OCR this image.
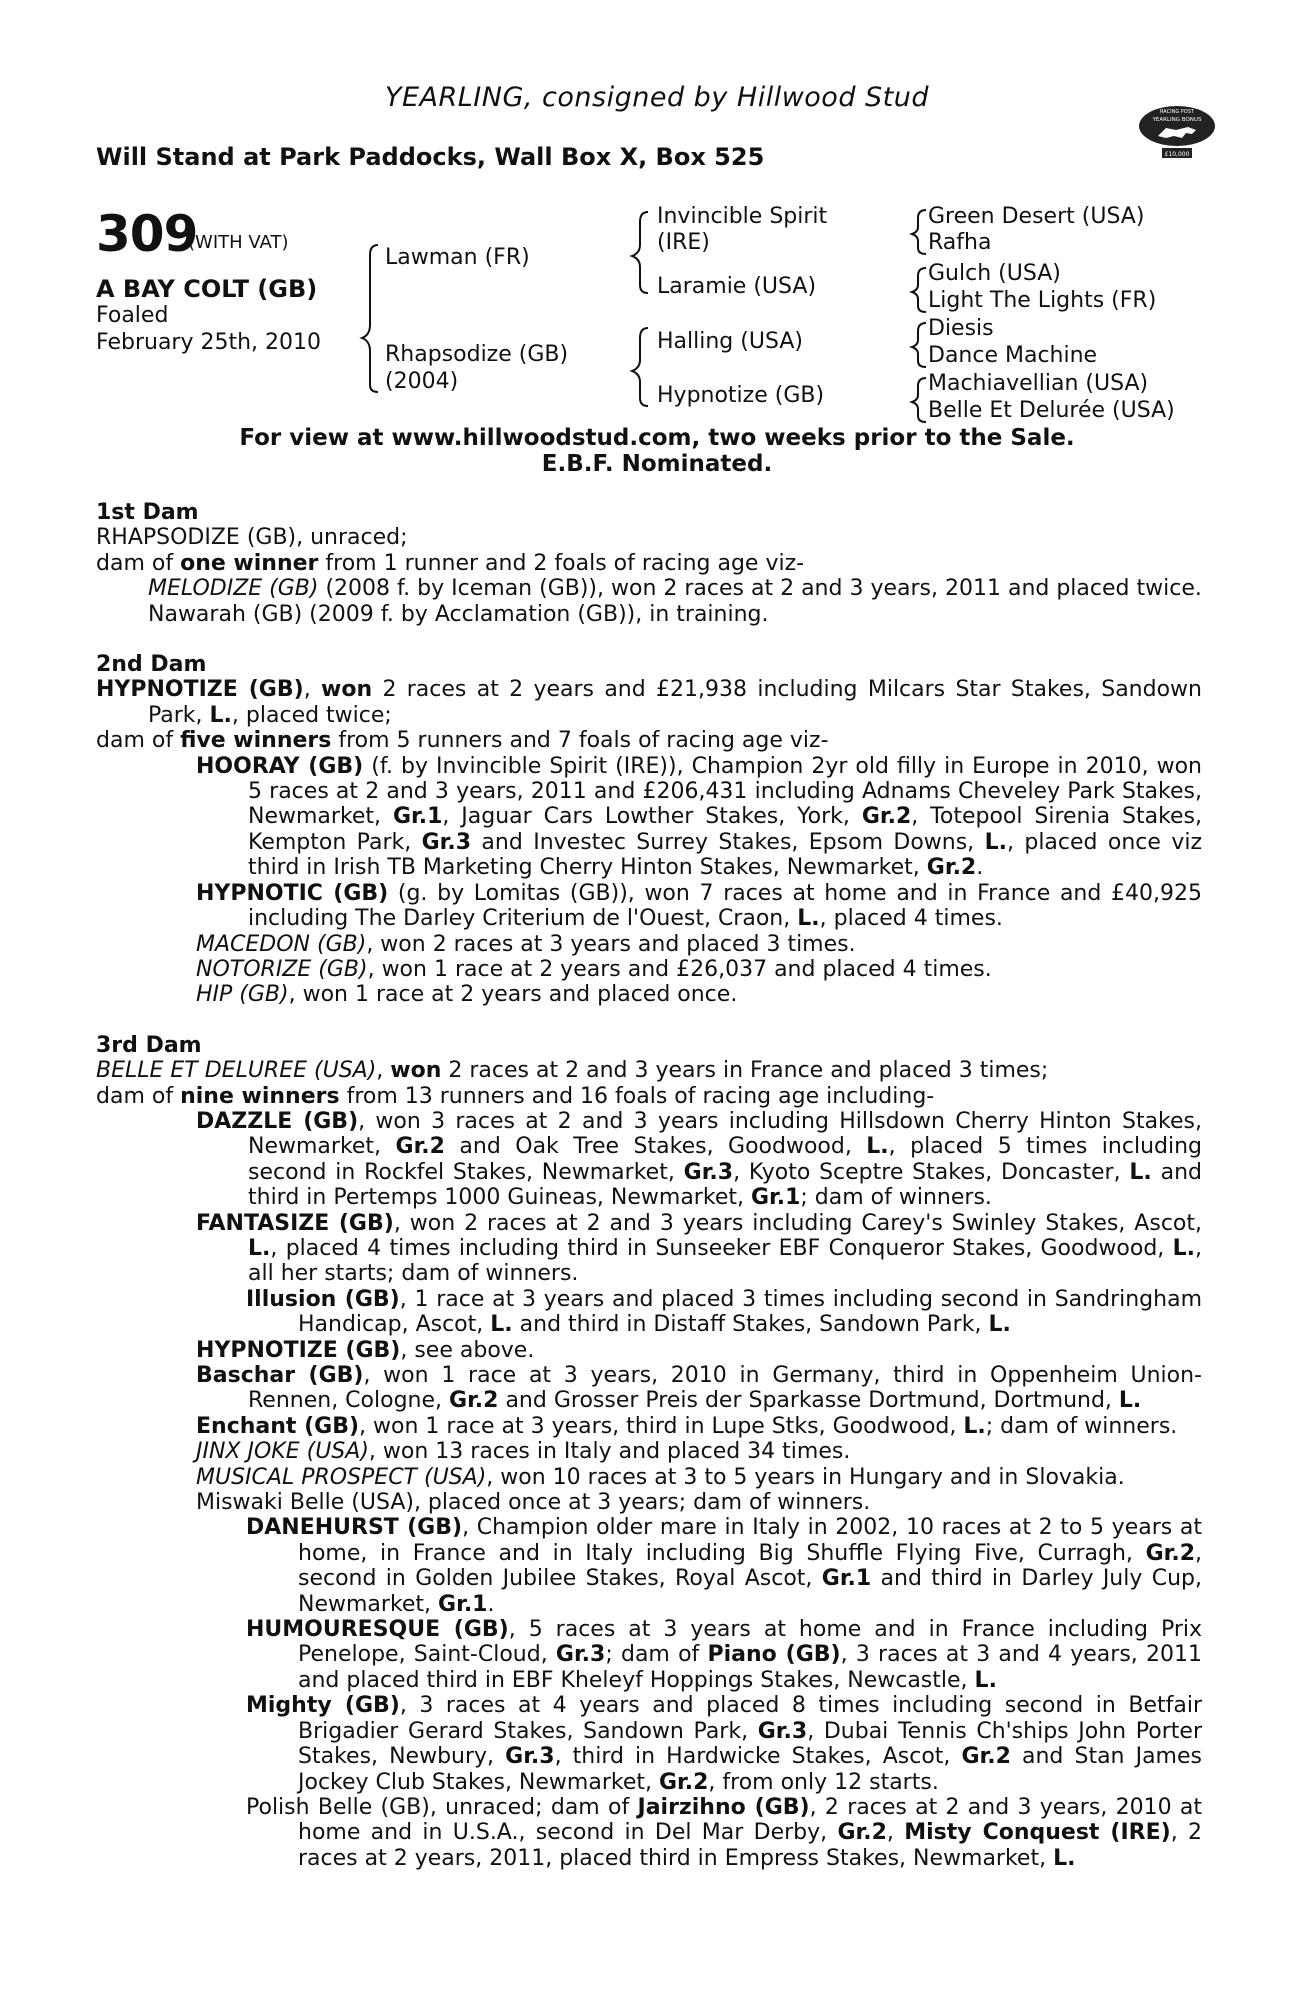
YEARLING, consigned by Hillwood Stud
Will Stand at Park Paddocks, Wall Box X, Box 525
RACING POST
YEARLING BONUS
£10,000
309
(WITH VAT)
A BAY COLT (GB)
Foaled
February 25th, 2010
Lawman (FR)
Rhapsodize (GB)
(2004)
Invincible Spirit
(IRE)
Laramie (USA)
Halling (USA)
Hypnotize (GB)
Green Desert (USA)
Rafha
Gulch (USA)
Light The Lights (FR)
Diesis
Dance Machine
Machiavellian (USA)
Belle Et Delurée (USA)
For view at www.hillwoodstud.com, two weeks prior to the Sale.
E.B.F. Nominated.
1st Dam
RHAPSODIZE (GB), unraced;
dam of one winner from 1 runner and 2 foals of racing age viz-
MELODIZE (GB) (2008 f. by Iceman (GB)), won 2 races at 2 and 3 years, 2011 and placed twice.
Nawarah (GB) (2009 f. by Acclamation (GB)), in training.
2nd Dam
HYPNOTIZE (GB), won 2 races at 2 years and £21,938 including Milcars Star Stakes, Sandown Park, L., placed twice;
dam of five winners from 5 runners and 7 foals of racing age viz-
HOORAY (GB) (f. by Invincible Spirit (IRE)), Champion 2yr old filly in Europe in 2010, won 5 races at 2 and 3 years, 2011 and £206,431 including Adnams Cheveley Park Stakes, Newmarket, Gr.1, Jaguar Cars Lowther Stakes, York, Gr.2, Totepool Sirenia Stakes, Kempton Park, Gr.3 and Investec Surrey Stakes, Epsom Downs, L., placed once viz third in Irish TB Marketing Cherry Hinton Stakes, Newmarket, Gr.2.
HYPNOTIC (GB) (g. by Lomitas (GB)), won 7 races at home and in France and £40,925 including The Darley Criterium de l'Ouest, Craon, L., placed 4 times.
MACEDON (GB), won 2 races at 3 years and placed 3 times.
NOTORIZE (GB), won 1 race at 2 years and £26,037 and placed 4 times.
HIP (GB), won 1 race at 2 years and placed once.
3rd Dam
BELLE ET DELUREE (USA), won 2 races at 2 and 3 years in France and placed 3 times;
dam of nine winners from 13 runners and 16 foals of racing age including-
DAZZLE (GB), won 3 races at 2 and 3 years including Hillsdown Cherry Hinton Stakes, Newmarket, Gr.2 and Oak Tree Stakes, Goodwood, L., placed 5 times including second in Rockfel Stakes, Newmarket, Gr.3, Kyoto Sceptre Stakes, Doncaster, L. and third in Pertemps 1000 Guineas, Newmarket, Gr.1; dam of winners.
FANTASIZE (GB), won 2 races at 2 and 3 years including Carey's Swinley Stakes, Ascot, L., placed 4 times including third in Sunseeker EBF Conqueror Stakes, Goodwood, L., all her starts; dam of winners.
Illusion (GB), 1 race at 3 years and placed 3 times including second in Sandringham Handicap, Ascot, L. and third in Distaff Stakes, Sandown Park, L.
HYPNOTIZE (GB), see above.
Baschar (GB), won 1 race at 3 years, 2010 in Germany, third in Oppenheim Union-Rennen, Cologne, Gr.2 and Grosser Preis der Sparkasse Dortmund, Dortmund, L.
Enchant (GB), won 1 race at 3 years, third in Lupe Stks, Goodwood, L.; dam of winners.
JINX JOKE (USA), won 13 races in Italy and placed 34 times.
MUSICAL PROSPECT (USA), won 10 races at 3 to 5 years in Hungary and in Slovakia.
Miswaki Belle (USA), placed once at 3 years; dam of winners.
DANEHURST (GB), Champion older mare in Italy in 2002, 10 races at 2 to 5 years at home, in France and in Italy including Big Shuffle Flying Five, Curragh, Gr.2, second in Golden Jubilee Stakes, Royal Ascot, Gr.1 and third in Darley July Cup, Newmarket, Gr.1.
HUMOURESQUE (GB), 5 races at 3 years at home and in France including Prix Penelope, Saint-Cloud, Gr.3; dam of Piano (GB), 3 races at 3 and 4 years, 2011 and placed third in EBF Kheleyf Hoppings Stakes, Newcastle, L.
Mighty (GB), 3 races at 4 years and placed 8 times including second in Betfair Brigadier Gerard Stakes, Sandown Park, Gr.3, Dubai Tennis Ch'ships John Porter Stakes, Newbury, Gr.3, third in Hardwicke Stakes, Ascot, Gr.2 and Stan James Jockey Club Stakes, Newmarket, Gr.2, from only 12 starts.
Polish Belle (GB), unraced; dam of Jairzihno (GB), 2 races at 2 and 3 years, 2010 at home and in U.S.A., second in Del Mar Derby, Gr.2, Misty Conquest (IRE), 2 races at 2 years, 2011, placed third in Empress Stakes, Newmarket, L.
